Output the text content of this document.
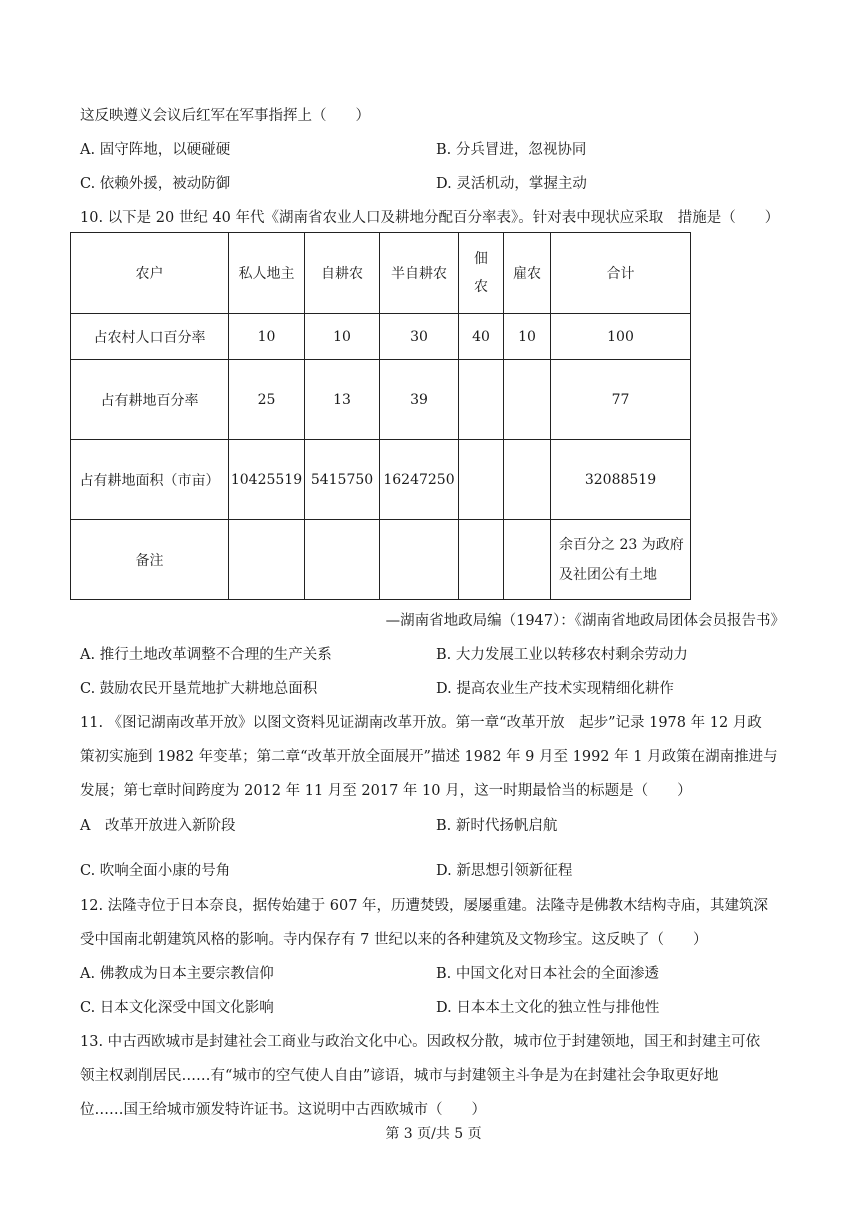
这反映遵义会议后红军在军事指挥上（　　）
A. 固守阵地，以硬碰硬	B. 分兵冒进，忽视协同
C. 依赖外援，被动防御	D. 灵活机动，掌握主动
10. 以下是 20 世纪 40 年代《湖南省农业人口及耕地分配百分率表》。针对表中现状应采取　措施是（　　）
农户	私人地主	自耕农	半自耕农	佃农	雇农	合计
占农村人口百分率	10	10	30	40	10	100
占有耕地百分率	25	13	39			77
占有耕地面积（市亩）	10425519	5415750	16247250			32088519
备注						余百分之 23 为政府及社团公有土地
—湖南省地政局编（1947）：《湖南省地政局团体会员报告书》
A. 推行土地改革调整不合理的生产关系	B. 大力发展工业以转移农村剩余劳动力
C. 鼓励农民开垦荒地扩大耕地总面积	D. 提高农业生产技术实现精细化耕作
11. 《图记湖南改革开放》以图文资料见证湖南改革开放。第一章“改革开放　起步”记录 1978 年 12 月政
策初实施到 1982 年变革；第二章“改革开放全面展开”描述 1982 年 9 月至 1992 年 1 月政策在湖南推进与
发展；第七章时间跨度为 2012 年 11 月至 2017 年 10 月，这一时期最恰当的标题是（　　）
A　改革开放进入新阶段	B. 新时代扬帆启航
C. 吹响全面小康的号角	D. 新思想引领新征程
12. 法隆寺位于日本奈良，据传始建于 607 年，历遭焚毁，屡屡重建。法隆寺是佛教木结构寺庙，其建筑深
受中国南北朝建筑风格的影响。寺内保存有 7 世纪以来的各种建筑及文物珍宝。这反映了（　　）
A. 佛教成为日本主要宗教信仰	B. 中国文化对日本社会的全面渗透
C. 日本文化深受中国文化影响	D. 日本本土文化的独立性与排他性
13. 中古西欧城市是封建社会工商业与政治文化中心。因政权分散，城市位于封建领地，国王和封建主可依
领主权剥削居民……有“城市的空气使人自由”谚语，城市与封建领主斗争是为在封建社会争取更好地
位……国王给城市颁发特许证书。这说明中古西欧城市（　　）
第 3 页/共 5 页
